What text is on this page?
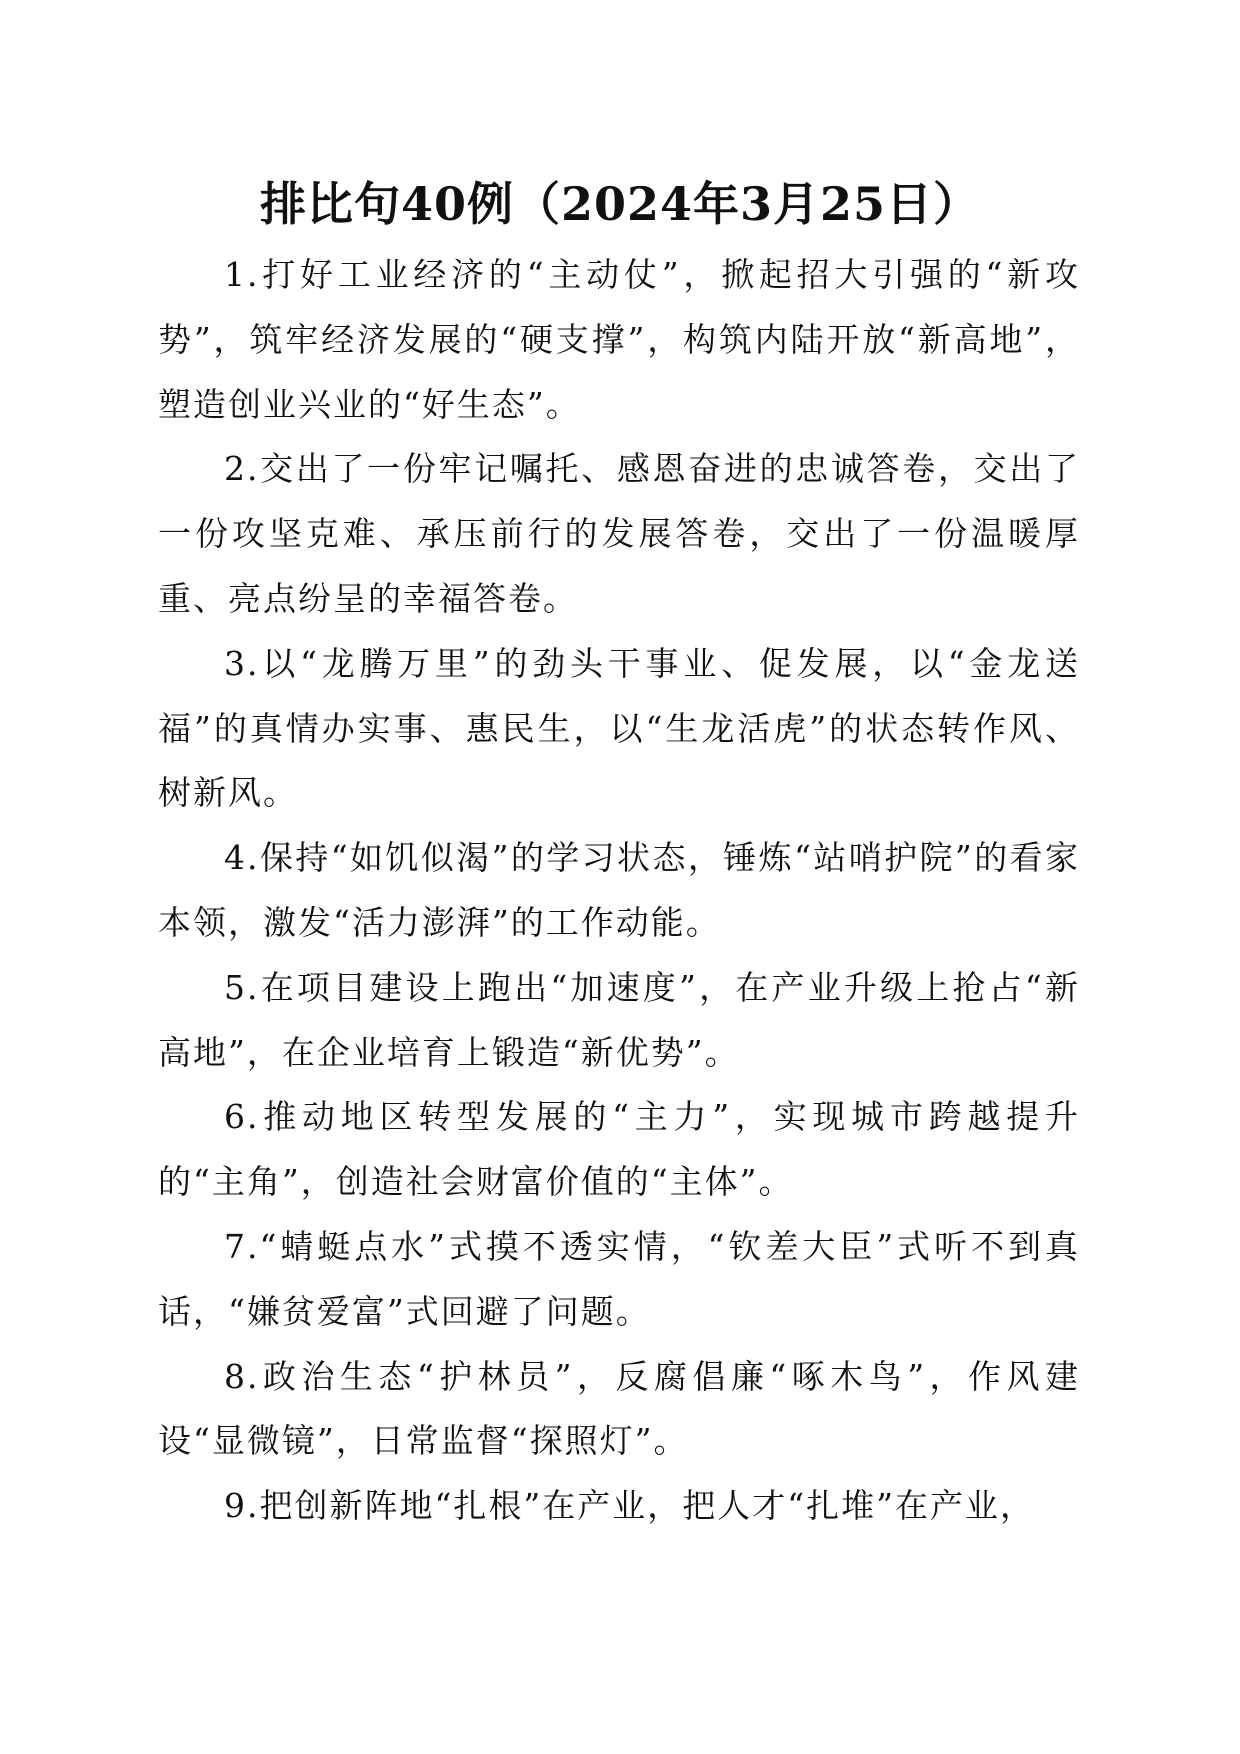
排比句40例（2024年3月25日）

1.打好工业经济的“主动仗”，掀起招大引强的“新攻势”，筑牢经济发展的“硬支撑”，构筑内陆开放“新高地”，塑造创业兴业的“好生态”。

2.交出了一份牢记嘱托、感恩奋进的忠诚答卷，交出了一份攻坚克难、承压前行的发展答卷，交出了一份温暖厚重、亮点纷呈的幸福答卷。

3.以“龙腾万里”的劲头干事业、促发展，以“金龙送福”的真情办实事、惠民生，以“生龙活虎”的状态转作风、树新风。

4.保持“如饥似渴”的学习状态，锤炼“站哨护院”的看家本领，激发“活力澎湃”的工作动能。

5.在项目建设上跑出“加速度”，在产业升级上抢占“新高地”，在企业培育上锻造“新优势”。

6.推动地区转型发展的“主力”，实现城市跨越提升的“主角”，创造社会财富价值的“主体”。

7.“蜻蜓点水”式摸不透实情，“钦差大臣”式听不到真话，“嫌贫爱富”式回避了问题。

8.政治生态“护林员”，反腐倡廉“啄木鸟”，作风建设“显微镜”，日常监督“探照灯”。

9.把创新阵地“扎根”在产业，把人才“扎堆”在产业，
